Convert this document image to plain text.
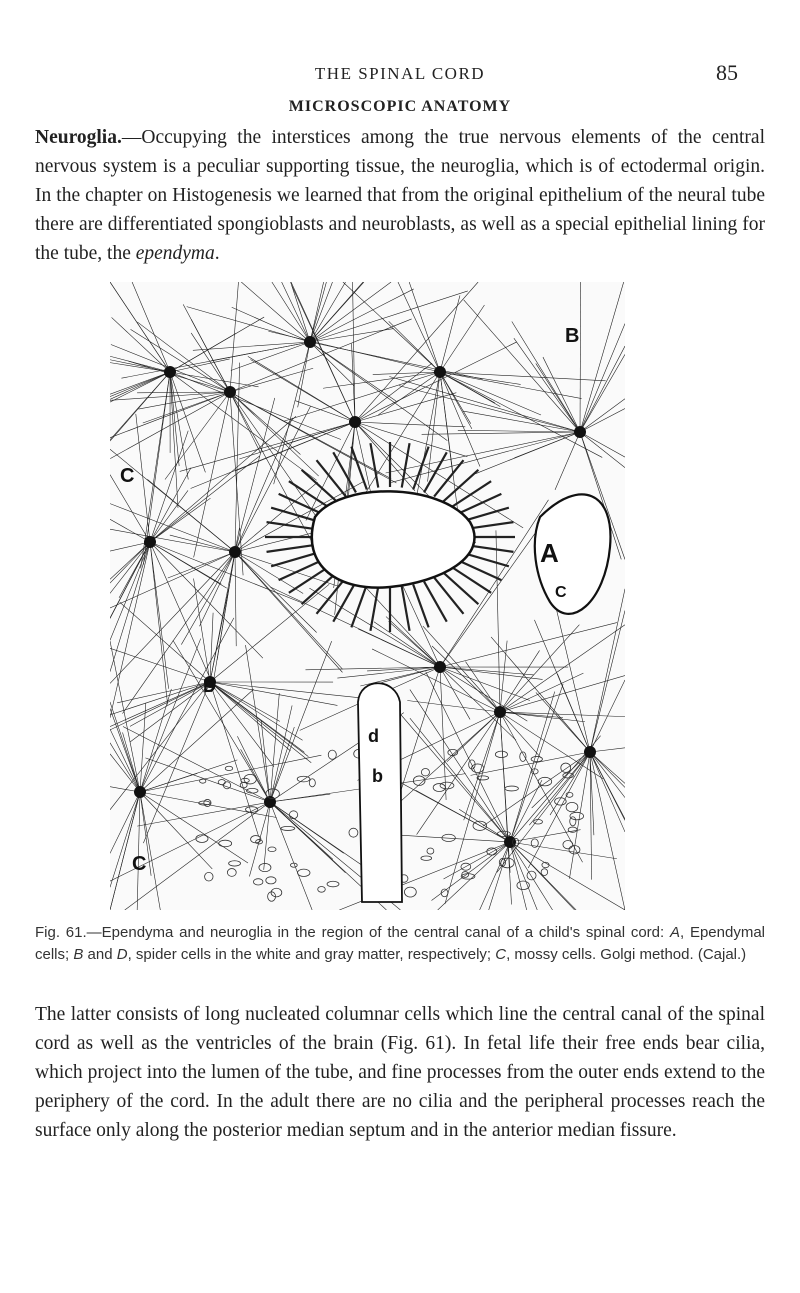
THE SPINAL CORD	85
MICROSCOPIC ANATOMY

Neuroglia.—Occupying the interstices among the true nervous elements of the central nervous system is a peculiar supporting tissue, the neuroglia, which is of ectodermal origin. In the chapter on Histogenesis we learned that from the original epithelium of the neural tube there are differentiated spongioblasts and neuroblasts, as well as a special epithelial lining for the tube, the ependyma.

B
C
A
C
D
d
b
C

Fig. 61.—Ependyma and neuroglia in the region of the central canal of a child's spinal cord: A, Ependymal cells; B and D, spider cells in the white and gray matter, respectively; C, mossy cells. Golgi method. (Cajal.)

The latter consists of long nucleated columnar cells which line the central canal of the spinal cord as well as the ventricles of the brain (Fig. 61). In fetal life their free ends bear cilia, which project into the lumen of the tube, and fine processes from the outer ends extend to the periphery of the cord. In the adult there are no cilia and the peripheral processes reach the surface only along the posterior median septum and in the anterior median fissure.
